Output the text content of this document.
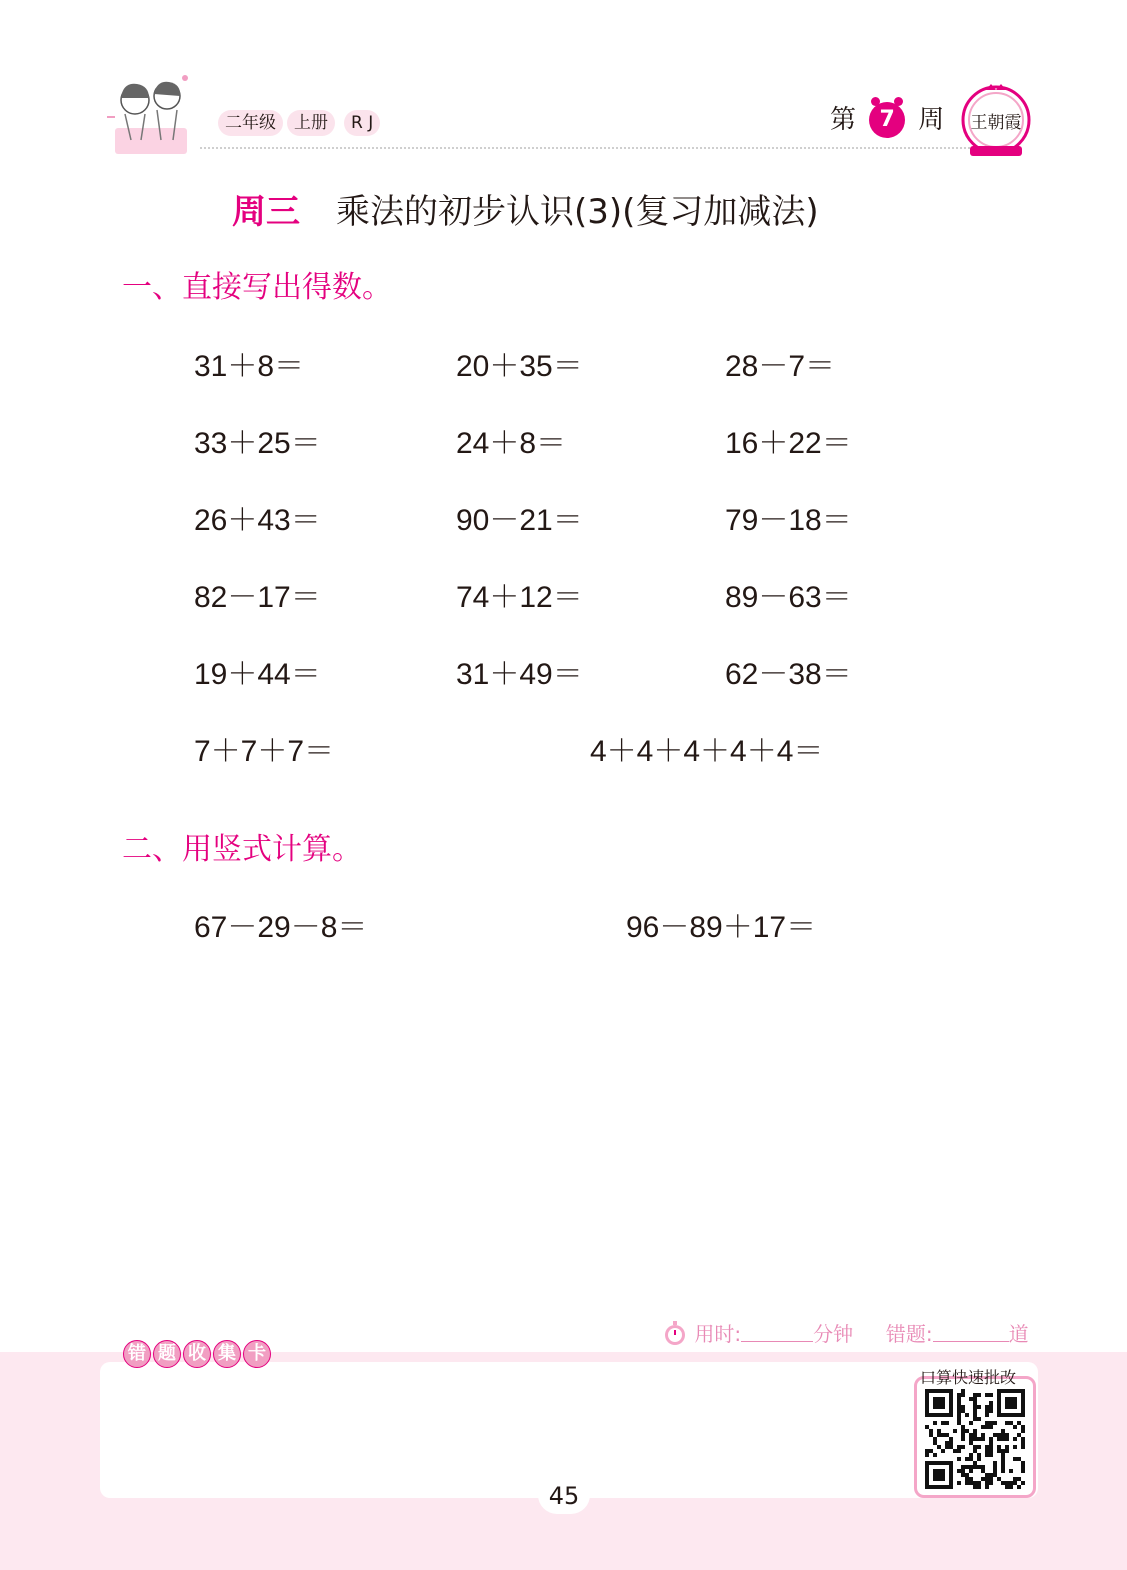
二年级	上册	R J	第 7 周 王朝霞
周三 乘法的初步认识(3)(复习加减法)
一、直接写出得数。
31＋8＝	20＋35＝	28－7＝
33＋25＝	24＋8＝	16＋22＝
26＋43＝	90－21＝	79－18＝
82－17＝	74＋12＝	89－63＝
19＋44＝	31＋49＝	62－38＝
7＋7＋7＝	4＋4＋4＋4＋4＝
二、用竖式计算。
67－29－8＝	96－89＋17＝
用时:	分钟 错题:	道
错 题 收 集 卡
口算快速批改
45
